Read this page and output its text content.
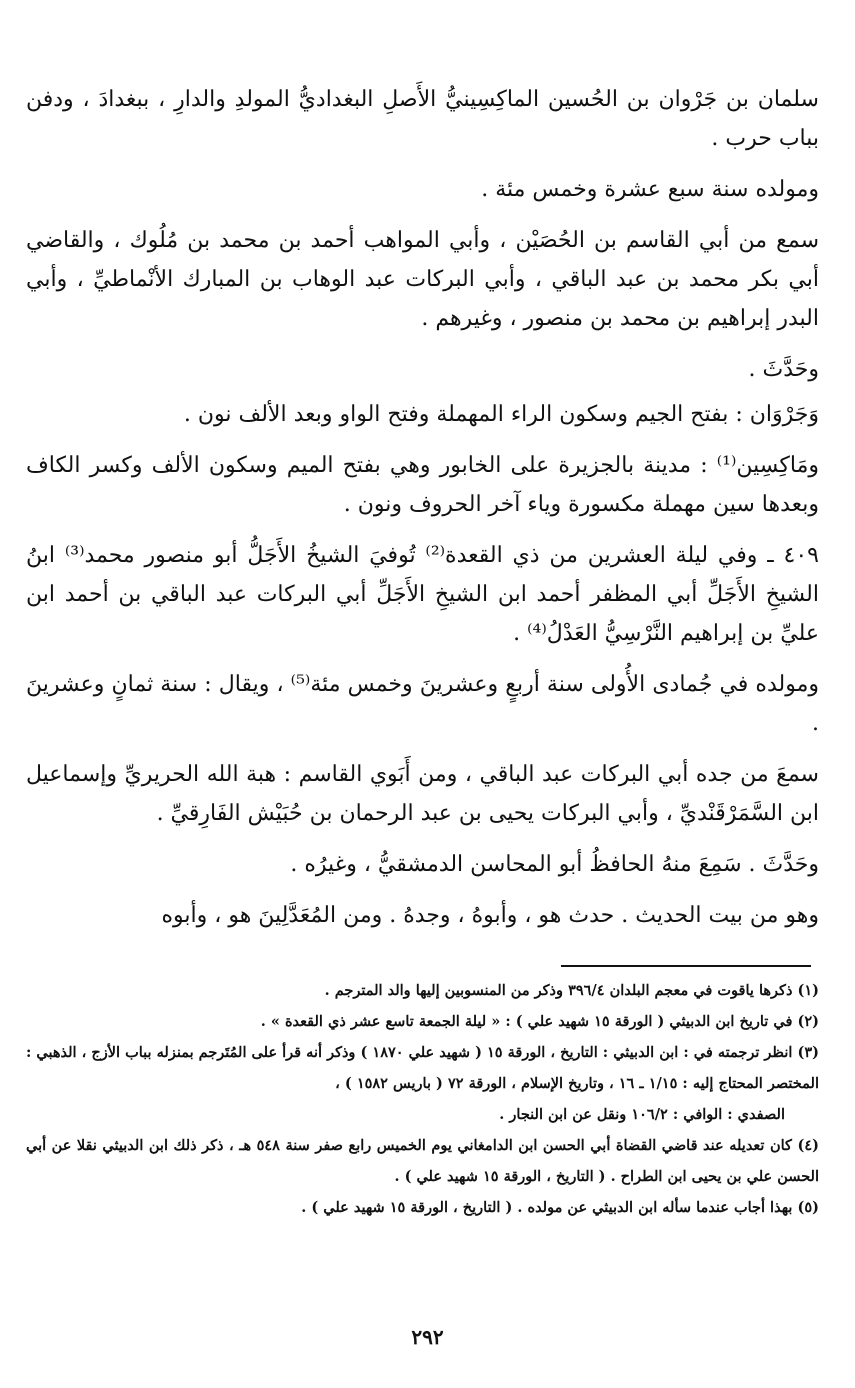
سلمان بن جَرْوان بن الحُسين الماكِسِينيُّ الأَصلِ البغداديُّ المولدِ والدارِ ، ببغدادَ ، ودفن بباب حرب .

ومولده سنة سبع عشرة وخمس مئة .

سمع من أبي القاسم بن الحُصَيْن ، وأبي المواهب أحمد بن محمد بن مُلُوك ، والقاضي أبي بكر محمد بن عبد الباقي ، وأبي البركات عبد الوهاب بن المبارك الأنْماطيِّ ، وأبي البدر إبراهيم بن محمد بن منصور ، وغيرهم .

وحَدَّثَ .

وَجَرْوَان : بفتح الجيم وسكون الراء المهملة وفتح الواو وبعد الألف نون .

ومَاكِسِين⁽¹⁾ : مدينة بالجزيرة على الخابور وهي بفتح الميم وسكون الألف وكسر الكاف وبعدها سين مهملة مكسورة وياء آخر الحروف ونون .

٤٠٩ ـ وفي ليلة العشرين من ذي القعدة⁽²⁾ تُوفيَ الشيخُ الأَجَلُّ أبو منصور محمد⁽³⁾ ابنُ الشيخِ الأَجَلِّ أبي المظفر أحمد ابن الشيخِ الأَجَلِّ أبي البركات عبد الباقي بن أحمد ابن عليِّ بن إبراهيم النَّرْسِيُّ العَدْلُ⁽⁴⁾ .

ومولده في جُمادى الأُولى سنة أربعٍ وعشرينَ وخمس مئة⁽⁵⁾ ، ويقال : سنة ثمانٍ وعشرينَ .

سمعَ من جده أبي البركات عبد الباقي ، ومن أَبَوي القاسم : هبة الله الحريريِّ وإسماعيل ابن السَّمَرْقَنْديِّ ، وأبي البركات يحيى بن عبد الرحمان بن حُبَيْش الفَارِقيِّ .

وحَدَّثَ . سَمِعَ منهُ الحافظُ أبو المحاسن الدمشقيُّ ، وغيرُه .

وهو من بيت الحديث . حدث هو ، وأبوهُ ، وجدهُ . ومن المُعَدَّلِينَ هو ، وأبوه

(١) ذكرها ياقوت في معجم البلدان ٣٩٦/٤ وذكر من المنسوبين إليها والد المترجم .

(٢) في تاريخ ابن الدبيثي ( الورقة ١٥ شهيد علي ) : « ليلة الجمعة تاسع عشر ذي القعدة » .

(٣) انظر ترجمته في : ابن الدبيثي : التاريخ ، الورقة ١٥ ( شهيد علي ١٨٧٠ ) وذكر أنه قرأ على المُتَرجم بمنزله بباب الأزج ، الذهبي : المختصر المحتاج إليه : ١/١٥ ـ ١٦ ، وتاريخ الإسلام ، الورقة ٧٢ ( باريس ١٥٨٢ ) ،

الصفدي : الوافي : ١٠٦/٢ ونقل عن ابن النجار .

(٤) كان تعديله عند قاضي القضاة أبي الحسن ابن الدامغاني يوم الخميس رابع صفر سنة ٥٤٨ هـ ، ذكر ذلك ابن الدبيثي نقلا عن أبي الحسن علي بن يحيى ابن الطراح . ( التاريخ ، الورقة ١٥ شهيد علي ) .

(٥) بهذا أجاب عندما سأله ابن الدبيثي عن مولده . ( التاريخ ، الورقة ١٥ شهيد علي ) .

٢٩٢
